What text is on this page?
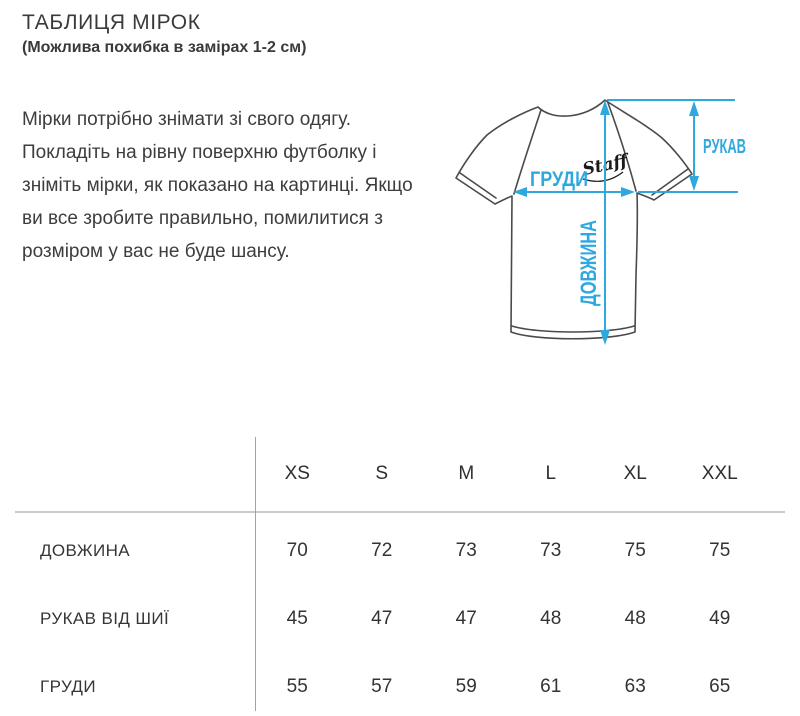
ТАБЛИЦЯ МІРОК
(Можлива похибка в замірах 1-2 см)
Мірки потрібно знімати зі свого одягу. Покладіть на рівну поверхню футболку і зніміть мірки, як показано на картинці. Якщо ви все зробите правильно, помилитися з розміром у вас не буде шансу.
Staff
ГРУДИ
ДОВЖИНА
РУКАВ
XS	S	M	L	XL	XXL
ДОВЖИНА	70	72	73	73	75	75
РУКАВ ВІД ШИЇ	45	47	47	48	48	49
ГРУДИ	55	57	59	61	63	65
